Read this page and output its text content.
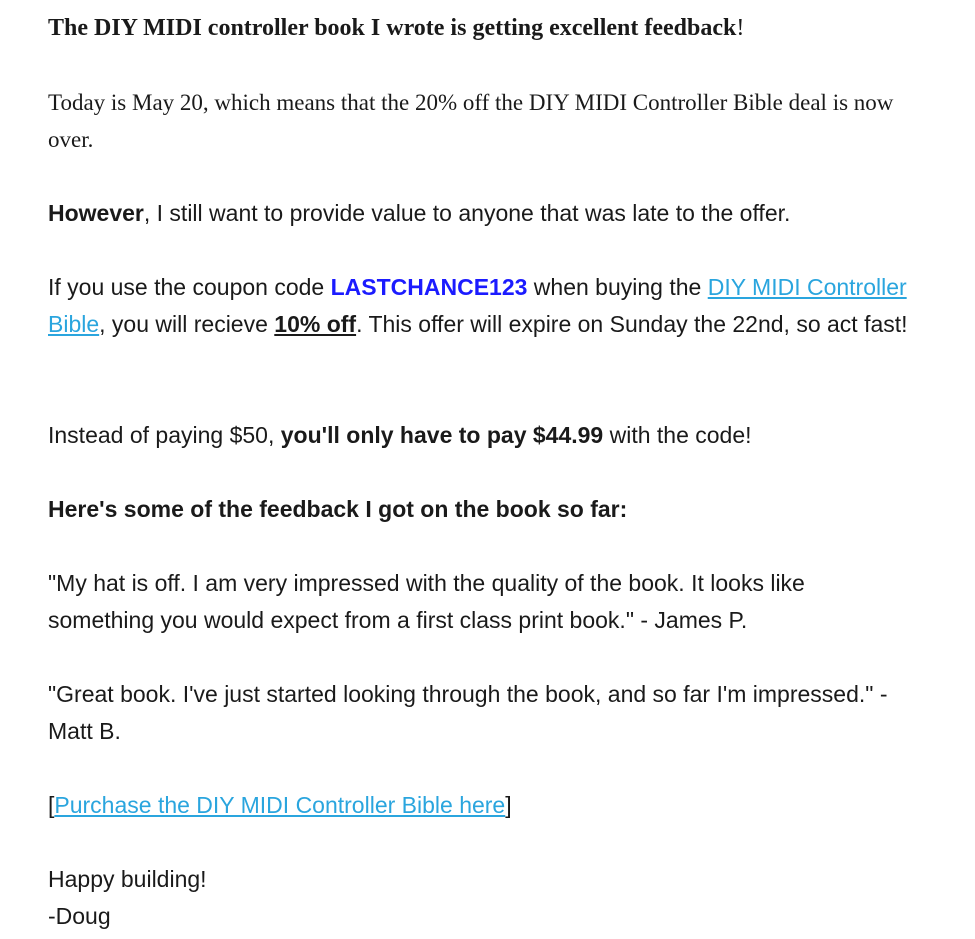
The DIY MIDI controller book I wrote is getting excellent feedback!

Today is May 20, which means that the 20% off the DIY MIDI Controller Bible deal is now over.

However, I still want to provide value to anyone that was late to the offer.

If you use the coupon code LASTCHANCE123 when buying the DIY MIDI Controller Bible, you will recieve 10% off. This offer will expire on Sunday the 22nd, so act fast!

Instead of paying $50, you'll only have to pay $44.99 with the code!

Here's some of the feedback I got on the book so far:

"My hat is off. I am very impressed with the quality of the book. It looks like something you would expect from a first class print book." - James P.

"Great book. I've just started looking through the book, and so far I'm impressed." - Matt B.

[Purchase the DIY MIDI Controller Bible here]

Happy building!
-Doug
